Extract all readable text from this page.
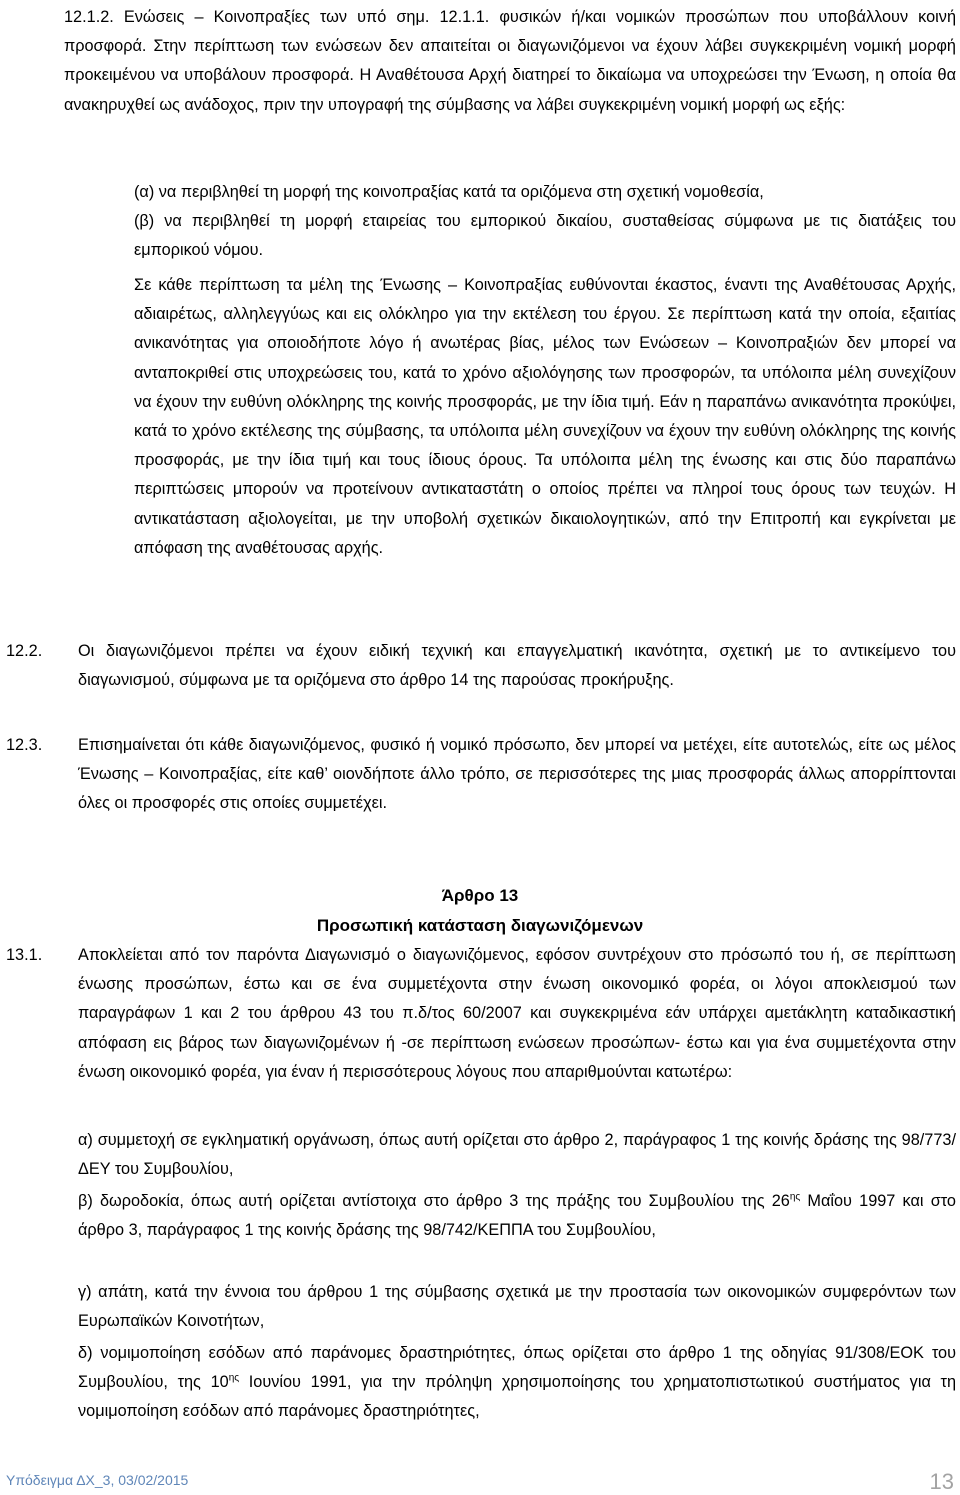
12.1.2. Ενώσεις – Κοινοπραξίες των υπό σημ. 12.1.1. φυσικών ή/και νομικών προσώπων που υποβάλλουν κοινή προσφορά. Στην περίπτωση των ενώσεων δεν απαιτείται οι διαγωνιζόμενοι να έχουν λάβει συγκεκριμένη νομική μορφή προκειμένου να υποβάλουν προσφορά. Η Αναθέτουσα Αρχή διατηρεί το δικαίωμα να υποχρεώσει την Ένωση, η οποία θα ανακηρυχθεί ως ανάδοχος, πριν την υπογραφή της σύμβασης να λάβει συγκεκριμένη νομική μορφή ως εξής:

(α) να περιβληθεί τη μορφή της κοινοπραξίας κατά τα οριζόμενα στη σχετική νομοθεσία,

(β) να περιβληθεί τη μορφή εταιρείας του εμπορικού δικαίου, συσταθείσας σύμφωνα με τις διατάξεις του εμπορικού νόμου.

Σε κάθε περίπτωση τα μέλη της Ένωσης – Κοινοπραξίας ευθύνονται έκαστος, έναντι της Αναθέτουσας Αρχής, αδιαιρέτως, αλληλεγγύως και εις ολόκληρο για την εκτέλεση του έργου. Σε περίπτωση κατά την οποία, εξαιτίας ανικανότητας για οποιοδήποτε λόγο ή ανωτέρας βίας, μέλος των Ενώσεων – Κοινοπραξιών δεν μπορεί να ανταποκριθεί στις υποχρεώσεις του, κατά το χρόνο αξιολόγησης των προσφορών, τα υπόλοιπα μέλη συνεχίζουν να έχουν την ευθύνη ολόκληρης της κοινής προσφοράς, με την ίδια τιμή. Εάν η παραπάνω ανικανότητα προκύψει, κατά το χρόνο εκτέλεσης της σύμβασης, τα υπόλοιπα μέλη συνεχίζουν να έχουν την ευθύνη ολόκληρης της κοινής προσφοράς, με την ίδια τιμή και τους ίδιους όρους. Τα υπόλοιπα μέλη της ένωσης και στις δύο παραπάνω περιπτώσεις μπορούν να προτείνουν αντικαταστάτη ο οποίος πρέπει να πληροί τους όρους των τευχών. Η αντικατάσταση αξιολογείται, με την υποβολή σχετικών δικαιολογητικών, από την Επιτροπή και εγκρίνεται με απόφαση της αναθέτουσας αρχής.

12.2. Οι διαγωνιζόμενοι πρέπει να έχουν ειδική τεχνική και επαγγελματική ικανότητα, σχετική με το αντικείμενο του διαγωνισμού, σύμφωνα με τα οριζόμενα στο άρθρο 14 της παρούσας προκήρυξης.

12.3. Επισημαίνεται ότι κάθε διαγωνιζόμενος, φυσικό ή νομικό πρόσωπο, δεν μπορεί να μετέχει, είτε αυτοτελώς, είτε ως μέλος Ένωσης – Κοινοπραξίας, είτε καθ’ οιονδήποτε άλλο τρόπο, σε περισσότερες της μιας προσφοράς άλλως απορρίπτονται όλες οι προσφορές στις οποίες συμμετέχει.

Άρθρο 13
Προσωπική κατάσταση διαγωνιζόμενων
13.1. Αποκλείεται από τον παρόντα Διαγωνισμό ο διαγωνιζόμενος, εφόσον συντρέχουν στο πρόσωπό του ή, σε περίπτωση ένωσης προσώπων, έστω και σε ένα συμμετέχοντα στην ένωση οικονομικό φορέα, οι λόγοι αποκλεισμού των παραγράφων 1 και 2 του άρθρου 43 του π.δ/τος 60/2007 και συγκεκριμένα εάν υπάρχει αμετάκλητη καταδικαστική απόφαση εις βάρος των διαγωνιζομένων ή -σε περίπτωση ενώσεων προσώπων- έστω και για ένα συμμετέχοντα στην ένωση οικονομικό φορέα, για έναν ή περισσότερους λόγους που απαριθμούνται κατωτέρω:

α) συμμετοχή σε εγκληματική οργάνωση, όπως αυτή ορίζεται στο άρθρο 2, παράγραφος 1 της κοινής δράσης της 98/773/ΔΕΥ του Συμβουλίου,

β) δωροδοκία, όπως αυτή ορίζεται αντίστοιχα στο άρθρο 3 της πράξης του Συμβουλίου της $26^{\eta\varsigma}$ Μαΐου 1997 και στο άρθρο 3, παράγραφος 1 της κοινής δράσης της 98/742/ΚΕΠΠΑ του Συμβουλίου,

γ) απάτη, κατά την έννοια του άρθρου 1 της σύμβασης σχετικά με την προστασία των οικονομικών συμφερόντων των Ευρωπαϊκών Κοινοτήτων,

δ) νομιμοποίηση εσόδων από παράνομες δραστηριότητες, όπως ορίζεται στο άρθρο 1 της οδηγίας 91/308/ΕΟΚ του Συμβουλίου, της $10^{\eta\varsigma}$ Ιουνίου 1991, για την πρόληψη χρησιμοποίησης του χρηματοπιστωτικού συστήματος για τη νομιμοποίηση εσόδων από παράνομες δραστηριότητες,

Υπόδειγμα ΔΧ_3, 03/02/2015	13
